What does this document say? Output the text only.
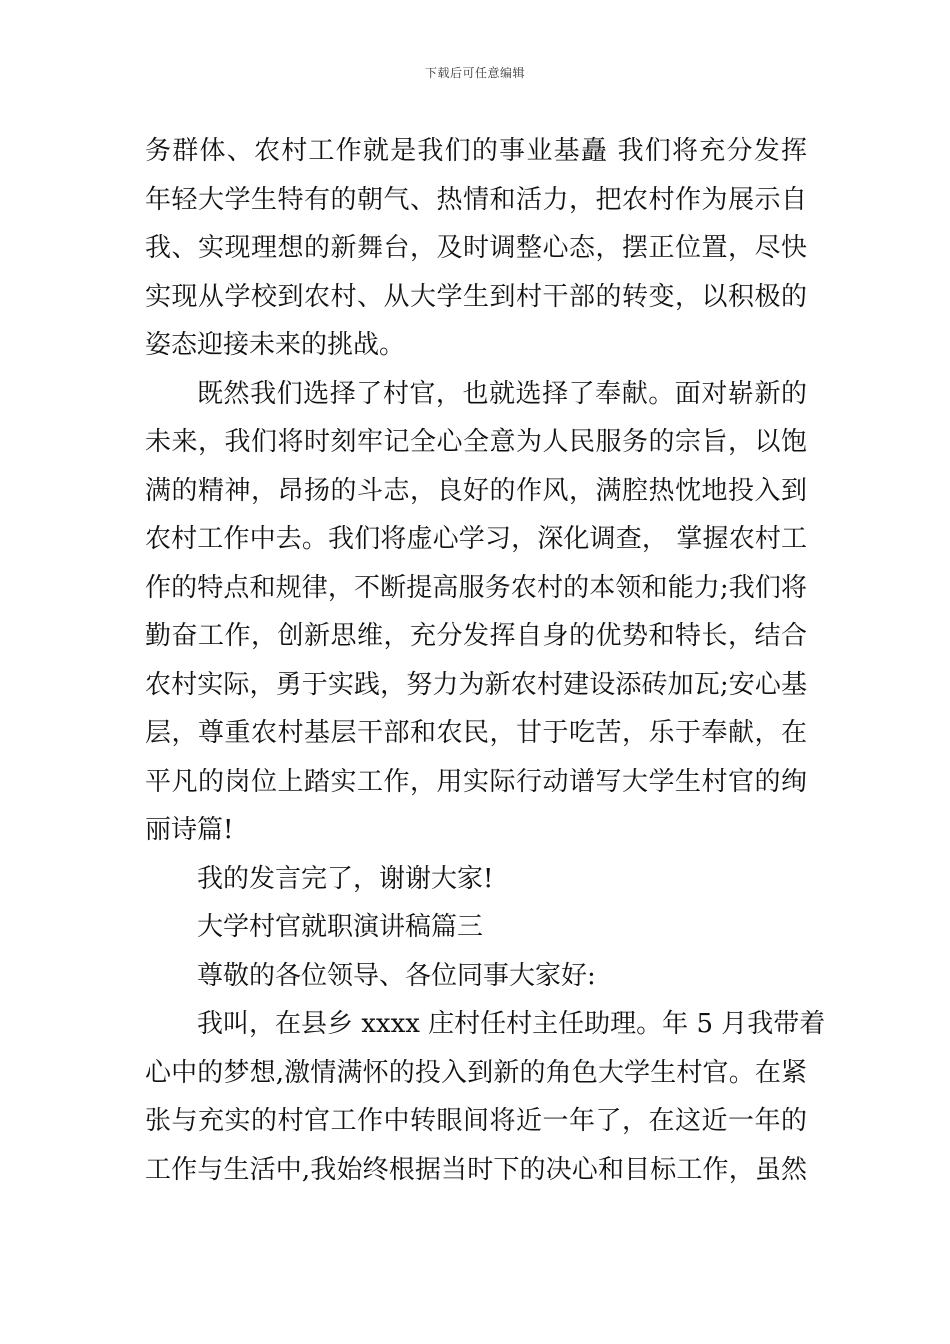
下载后可任意编辑
务群体、农村工作就是我们的事业基矗 我们将充分发挥
年轻大学生特有的朝气、热情和活力，把农村作为展示自
我、实现理想的新舞台，及时调整心态，摆正位置，尽快
实现从学校到农村、从大学生到村干部的转变，以积极的
姿态迎接未来的挑战。
既然我们选择了村官，也就选择了奉献。面对崭新的
未来，我们将时刻牢记全心全意为人民服务的宗旨，以饱
满的精神，昂扬的斗志，良好的作风，满腔热忱地投入到
农村工作中去。我们将虚心学习，深化调查， 掌握农村工
作的特点和规律，不断提高服务农村的本领和能力;我们将
勤奋工作，创新思维，充分发挥自身的优势和特长，结合
农村实际，勇于实践，努力为新农村建设添砖加瓦;安心基
层，尊重农村基层干部和农民，甘于吃苦，乐于奉献，在
平凡的岗位上踏实工作，用实际行动谱写大学生村官的绚
丽诗篇!
我的发言完了，谢谢大家!
大学村官就职演讲稿篇三
尊敬的各位领导、各位同事大家好:
我叫，在县乡 xxxx 庄村任村主任助理。年 5 月我带着
心中的梦想,激情满怀的投入到新的角色大学生村官。在紧
张与充实的村官工作中转眼间将近一年了，在这近一年的
工作与生活中,我始终根据当时下的决心和目标工作，虽然
